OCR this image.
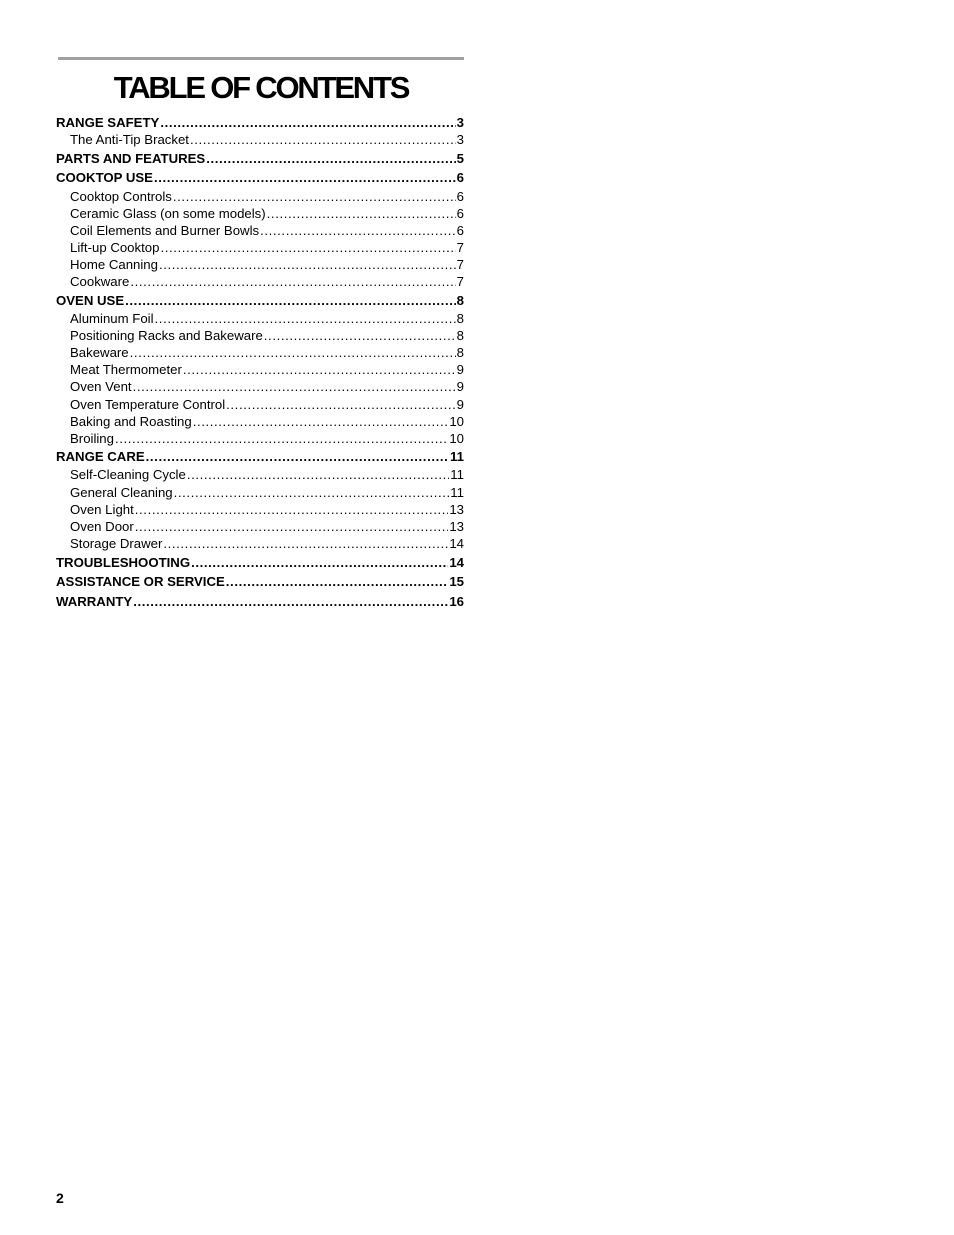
TABLE OF CONTENTS
RANGE SAFETY .....	3
The Anti-Tip Bracket .....	3
PARTS AND FEATURES .....	5
COOKTOP USE .....	6
Cooktop Controls .....	6
Ceramic Glass (on some models) .....	6
Coil Elements and Burner Bowls .....	6
Lift-up Cooktop .....	7
Home Canning .....	7
Cookware .....	7
OVEN USE .....	8
Aluminum Foil .....	8
Positioning Racks and Bakeware .....	8
Bakeware .....	8
Meat Thermometer .....	9
Oven Vent .....	9
Oven Temperature Control .....	9
Baking and Roasting .....	10
Broiling .....	10
RANGE CARE .....	11
Self-Cleaning Cycle .....	11
General Cleaning .....	11
Oven Light .....	13
Oven Door .....	13
Storage Drawer .....	14
TROUBLESHOOTING .....	14
ASSISTANCE OR SERVICE .....	15
WARRANTY .....	16
2
